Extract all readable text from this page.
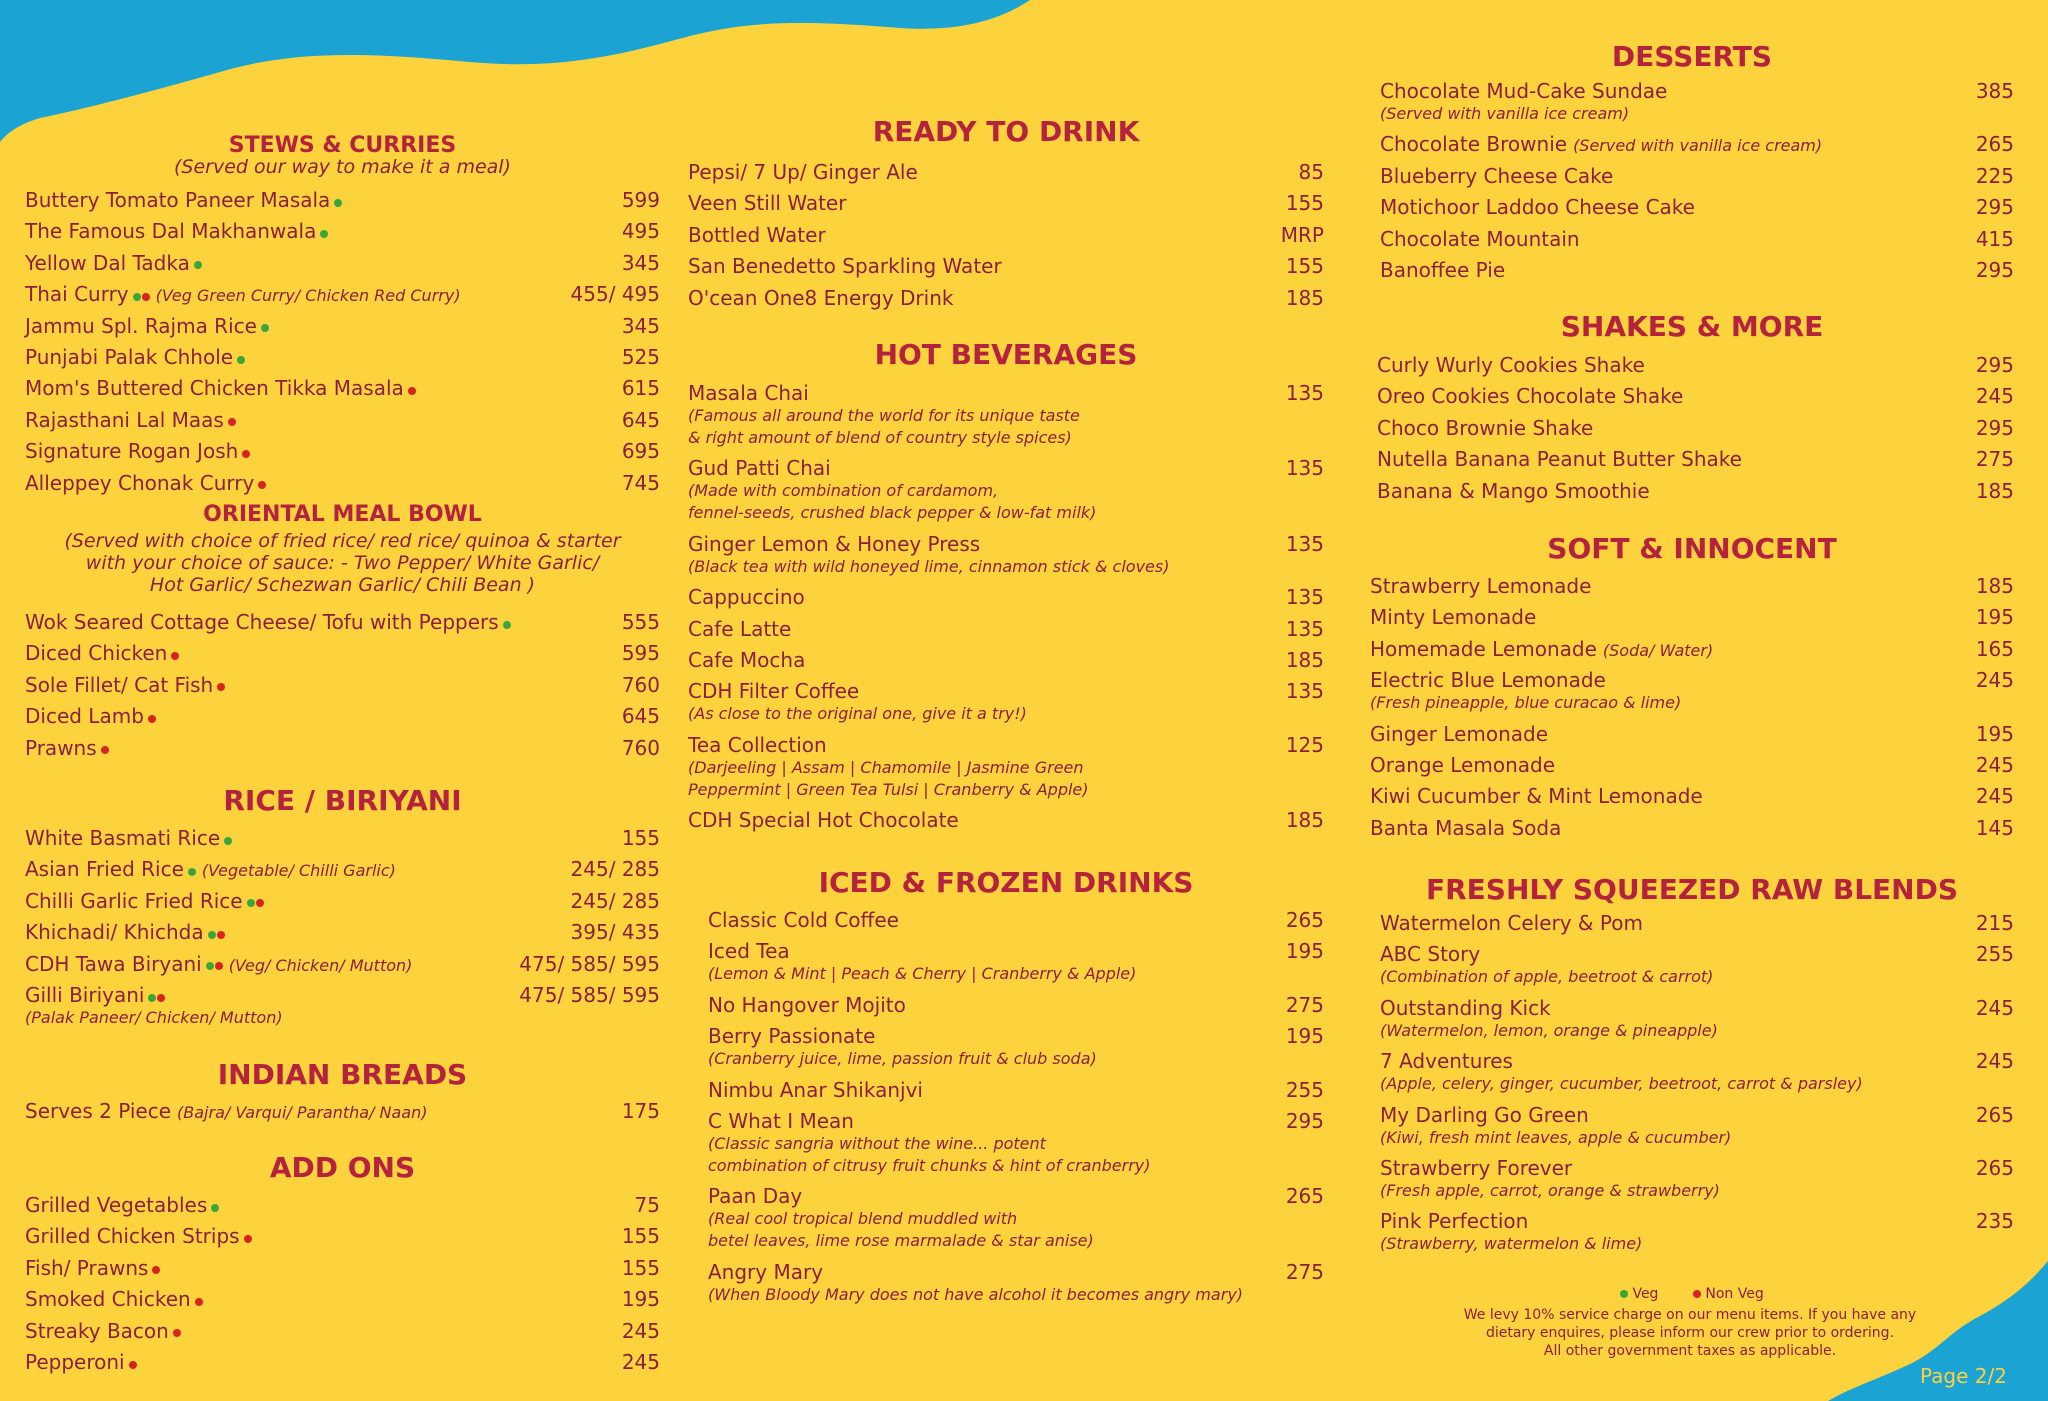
STEWS & CURRIES
(Served our way to make it a meal)
Buttery Tomato Paneer Masala	599
The Famous Dal Makhanwala	495
Yellow Dal Tadka	345
Thai Curry (Veg Green Curry/ Chicken Red Curry)	455/ 495
Jammu Spl. Rajma Rice	345
Punjabi Palak Chhole	525
Mom's Buttered Chicken Tikka Masala	615
Rajasthani Lal Maas	645
Signature Rogan Josh	695
Alleppey Chonak Curry	745
ORIENTAL MEAL BOWL
(Served with choice of fried rice/ red rice/ quinoa & starter
with your choice of sauce: - Two Pepper/ White Garlic/
Hot Garlic/ Schezwan Garlic/ Chili Bean )
Wok Seared Cottage Cheese/ Tofu with Peppers	555
Diced Chicken	595
Sole Fillet/ Cat Fish	760
Diced Lamb	645
Prawns	760
RICE / BIRIYANI
White Basmati Rice	155
Asian Fried Rice (Vegetable/ Chilli Garlic)	245/ 285
Chilli Garlic Fried Rice	245/ 285
Khichadi/ Khichda	395/ 435
CDH Tawa Biryani (Veg/ Chicken/ Mutton)	475/ 585/ 595
Gilli Biriyani	475/ 585/ 595
(Palak Paneer/ Chicken/ Mutton)
INDIAN BREADS
Serves 2 Piece (Bajra/ Varqui/ Parantha/ Naan)	175
ADD ONS
Grilled Vegetables	75
Grilled Chicken Strips	155
Fish/ Prawns	155
Smoked Chicken	195
Streaky Bacon	245
Pepperoni	245
READY TO DRINK
Pepsi/ 7 Up/ Ginger Ale	85
Veen Still Water	155
Bottled Water	MRP
San Benedetto Sparkling Water	155
O'cean One8 Energy Drink	185
HOT BEVERAGES
Masala Chai	135
(Famous all around the world for its unique taste
& right amount of blend of country style spices)
Gud Patti Chai	135
(Made with combination of cardamom,
fennel-seeds, crushed black pepper & low-fat milk)
Ginger Lemon & Honey Press	135
(Black tea with wild honeyed lime, cinnamon stick & cloves)
Cappuccino	135
Cafe Latte	135
Cafe Mocha	185
CDH Filter Coffee	135
(As close to the original one, give it a try!)
Tea Collection	125
(Darjeeling | Assam | Chamomile | Jasmine Green
Peppermint | Green Tea Tulsi | Cranberry & Apple)
CDH Special Hot Chocolate	185
ICED & FROZEN DRINKS
Classic Cold Coffee	265
Iced Tea	195
(Lemon & Mint | Peach & Cherry | Cranberry & Apple)
No Hangover Mojito	275
Berry Passionate	195
(Cranberry juice, lime, passion fruit & club soda)
Nimbu Anar Shikanjvi	255
C What I Mean	295
(Classic sangria without the wine... potent
combination of citrusy fruit chunks & hint of cranberry)
Paan Day	265
(Real cool tropical blend muddled with
betel leaves, lime rose marmalade & star anise)
Angry Mary	275
(When Bloody Mary does not have alcohol it becomes angry mary)
DESSERTS
Chocolate Mud-Cake Sundae	385
(Served with vanilla ice cream)
Chocolate Brownie (Served with vanilla ice cream)	265
Blueberry Cheese Cake	225
Motichoor Laddoo Cheese Cake	295
Chocolate Mountain	415
Banoffee Pie	295
SHAKES & MORE
Curly Wurly Cookies Shake	295
Oreo Cookies Chocolate Shake	245
Choco Brownie Shake	295
Nutella Banana Peanut Butter Shake	275
Banana & Mango Smoothie	185
SOFT & INNOCENT
Strawberry Lemonade	185
Minty Lemonade	195
Homemade Lemonade (Soda/ Water)	165
Electric Blue Lemonade	245
(Fresh pineapple, blue curacao & lime)
Ginger Lemonade	195
Orange Lemonade	245
Kiwi Cucumber & Mint Lemonade	245
Banta Masala Soda	145
FRESHLY SQUEEZED RAW BLENDS
Watermelon Celery & Pom	215
ABC Story	255
(Combination of apple, beetroot & carrot)
Outstanding Kick	245
(Watermelon, lemon, orange & pineapple)
7 Adventures	245
(Apple, celery, ginger, cucumber, beetroot, carrot & parsley)
My Darling Go Green	265
(Kiwi, fresh mint leaves, apple & cucumber)
Strawberry Forever	265
(Fresh apple, carrot, orange & strawberry)
Pink Perfection	235
(Strawberry, watermelon & lime)
Veg	Non Veg
We levy 10% service charge on our menu items. If you have any
dietary enquires, please inform our crew prior to ordering.
All other government taxes as applicable.
Page 2/2
